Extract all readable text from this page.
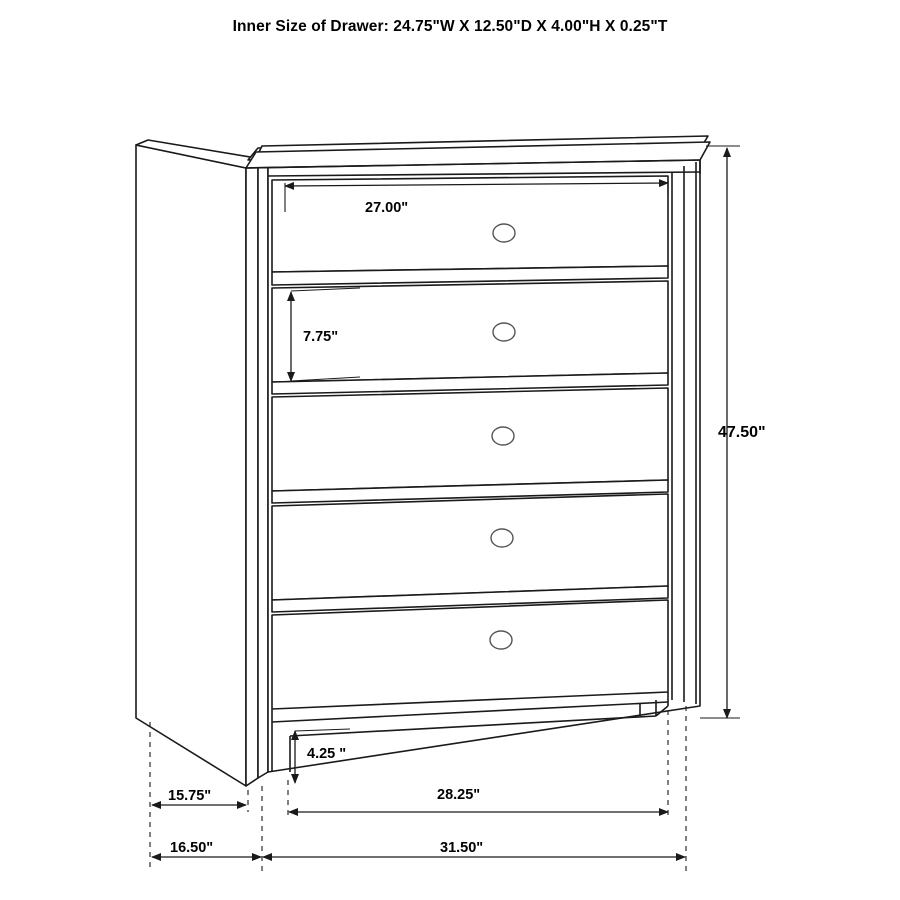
Inner Size of Drawer: 24.75"W X 12.50"D X 4.00"H X 0.25"T
27.00"
7.75"
47.50"
4.25 "
15.75"	28.25"
16.50"	31.50"
